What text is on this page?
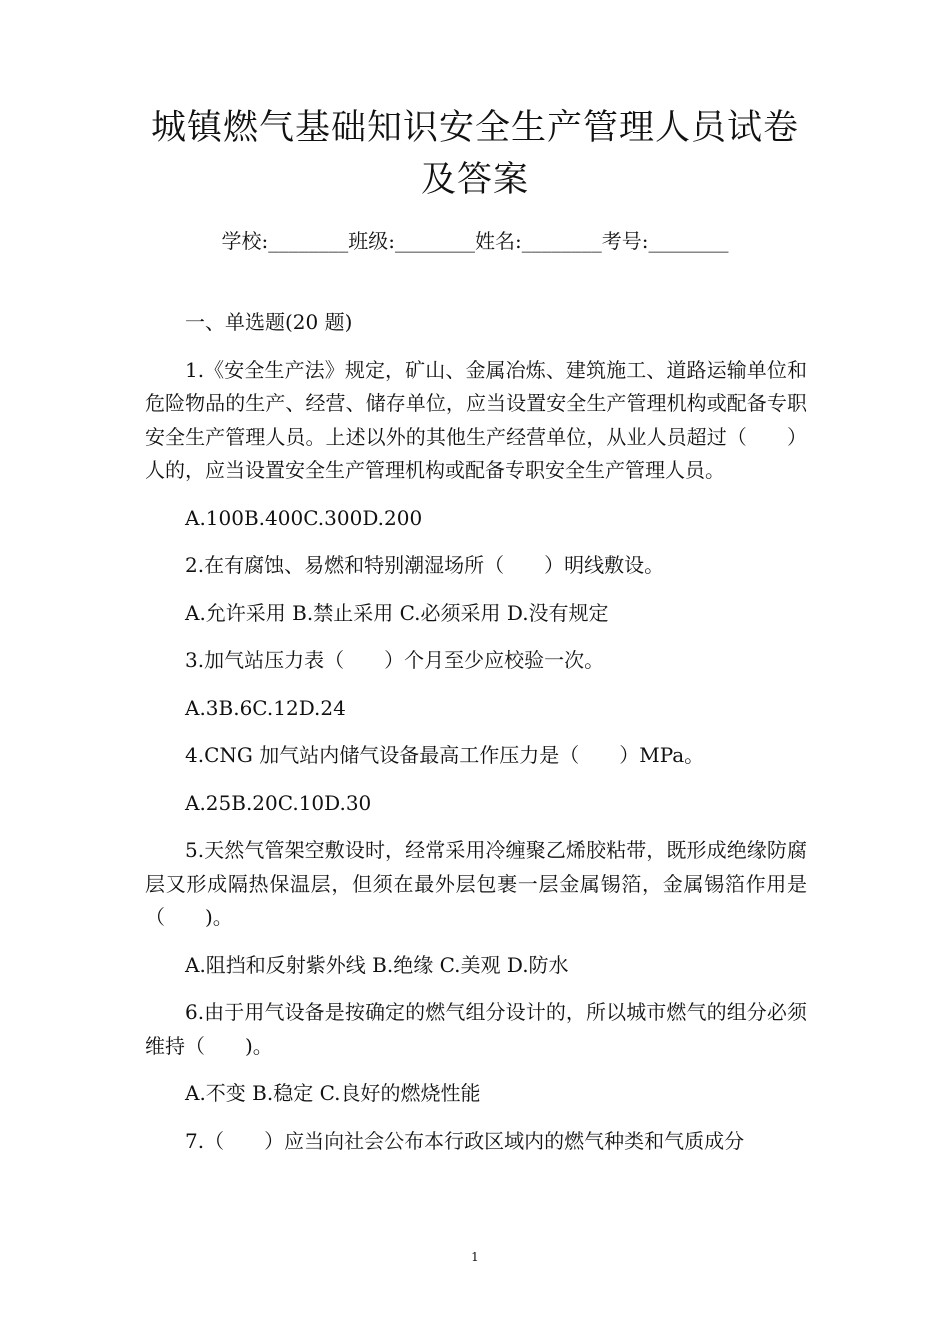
城镇燃气基础知识安全生产管理人员试卷
及答案
学校:________班级:________姓名:________考号:________

一、单选题(20 题)

1.《安全生产法》规定，矿山、金属冶炼、建筑施工、道路运输单位和危险物品的生产、经营、储存单位，应当设置安全生产管理机构或配备专职安全生产管理人员。上述以外的其他生产经营单位，从业人员超过（　　）人的，应当设置安全生产管理机构或配备专职安全生产管理人员。

A.100B.400C.300D.200

2.在有腐蚀、易燃和特别潮湿场所（　　）明线敷设。

A.允许采用 B.禁止采用 C.必须采用 D.没有规定

3.加气站压力表（　　）个月至少应校验一次。

A.3B.6C.12D.24

4.CNG 加气站内储气设备最高工作压力是（　　）MPa。

A.25B.20C.10D.30

5.天然气管架空敷设时，经常采用冷缠聚乙烯胶粘带，既形成绝缘防腐层又形成隔热保温层，但须在最外层包裹一层金属锡箔，金属锡箔作用是（　　)。

A.阻挡和反射紫外线 B.绝缘 C.美观 D.防水

6.由于用气设备是按确定的燃气组分设计的，所以城市燃气的组分必须维持（　　)。

A.不变 B.稳定 C.良好的燃烧性能

7.（　　）应当向社会公布本行政区域内的燃气种类和气质成分

1
